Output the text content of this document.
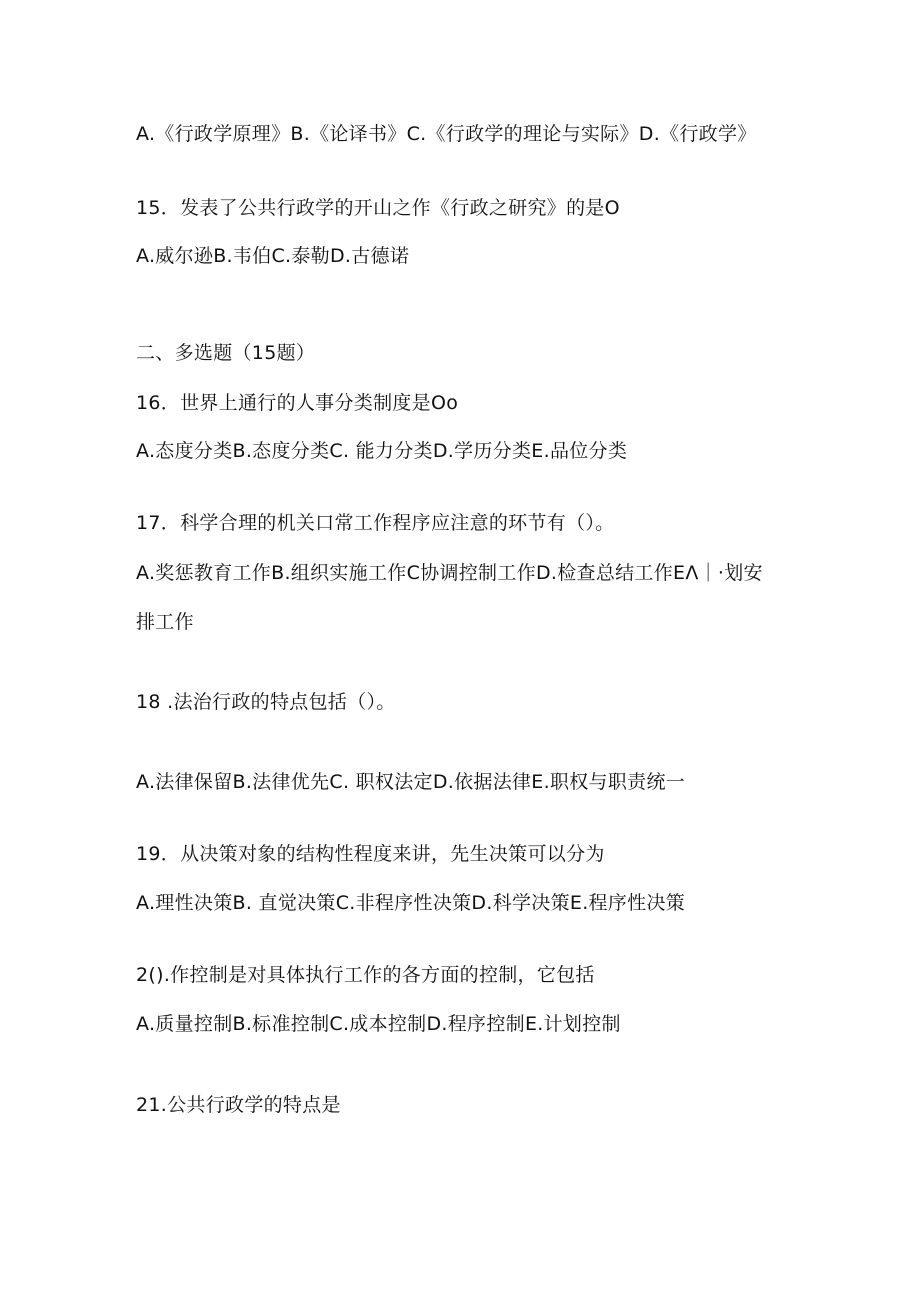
A.《行政学原理》B.《论译书》C.《行政学的理论与实际》D.《行政学》
15．发表了公共行政学的开山之作《行政之研究》的是O
A.威尔逊B.韦伯C.泰勒D.古德诺
二、多选题（15题）
16．世界上通行的人事分类制度是Oo
A.态度分类B.态度分类C. 能力分类D.学历分类E.品位分类
17．科学合理的机关口常工作程序应注意的环节有（）。
A.奖惩教育工作B.组织实施工作C协调控制工作D.检查总结工作EΛ｜·划安
排工作
18 .法治行政的特点包括（）。
A.法律保留B.法律优先C. 职权法定D.依据法律E.职权与职责统一
19．从决策对象的结构性程度来讲，先生决策可以分为
A.理性决策B. 直觉决策C.非程序性决策D.科学决策E.程序性决策
2().作控制是对具体执行工作的各方面的控制，它包括
A.质量控制B.标准控制C.成本控制D.程序控制E.计划控制
21.公共行政学的特点是
